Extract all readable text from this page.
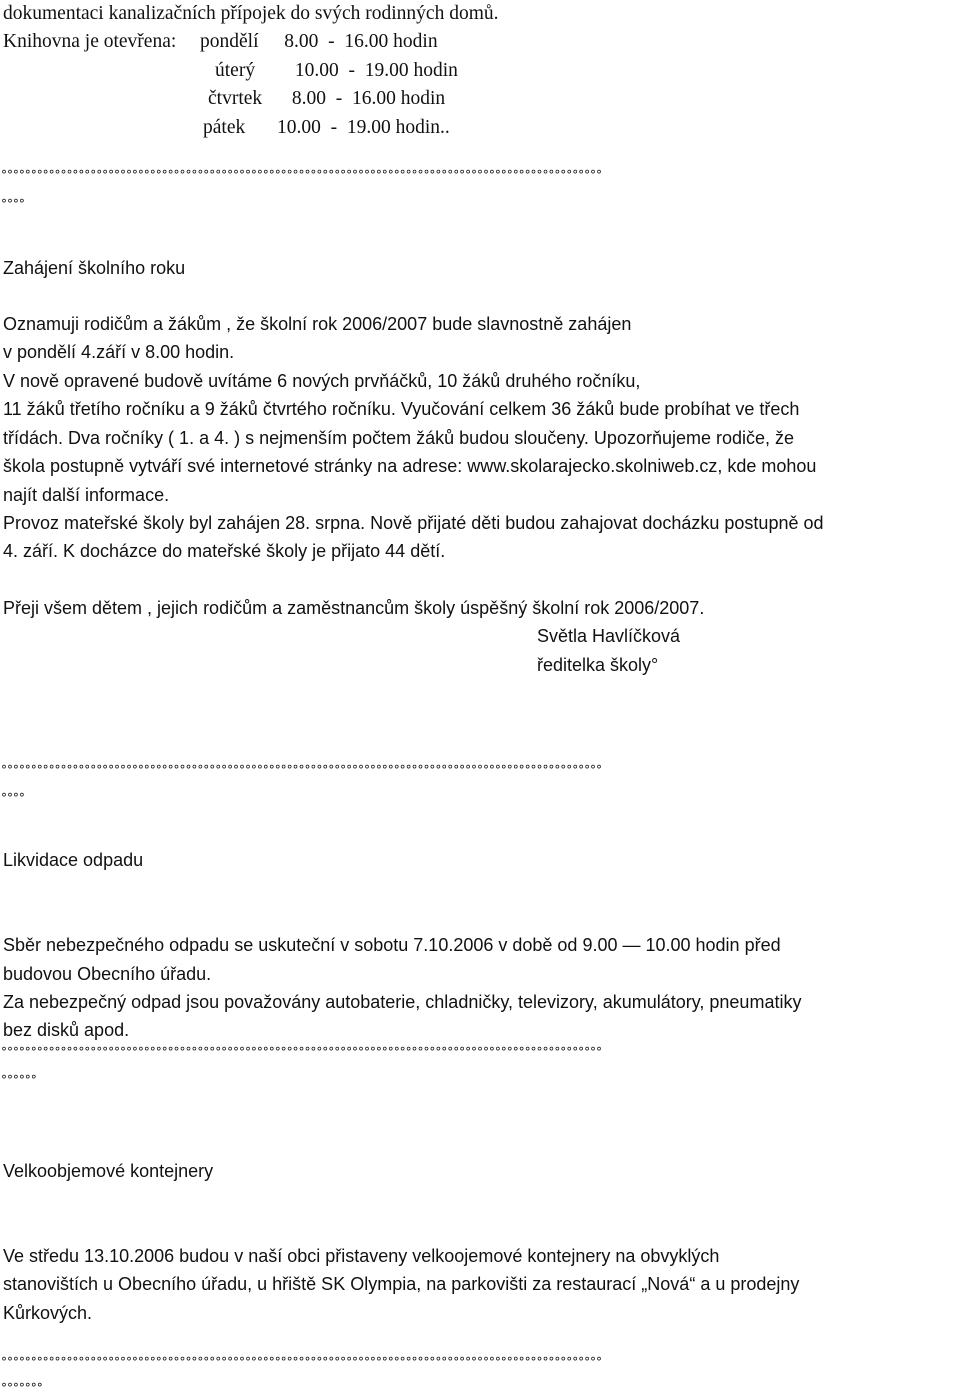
dokumentaci kanalizačních přípojek do svých rodinných domů.
Knihovna je otevřena: pondělí 8.00  -  16.00 hodin
úterý 10.00  -  19.00 hodin
čtvrtek 8.00  -  16.00 hodin
pátek 10.00  -  19.00 hodin..
°°°°°°°°°°°°°°°°°°°°°°°°°°°°°°°°°°°°°°°°°°°°°°°°°°°°°°°°°°°°°°°°°°°°°°°°°°°°°°°°°°°°°°°°°°°°°°°°°°°°°
°°°°
Zahájení školního roku
Oznamuji rodičům a žákům , že školní rok 2006/2007 bude slavnostně zahájen
v pondělí 4.září v 8.00 hodin.
V nově opravené budově uvítáme 6 nových prvňáčků, 10 žáků druhého ročníku,
11 žáků třetího ročníku a 9 žáků čtvrtého ročníku. Vyučování celkem 36 žáků bude probíhat ve třech
třídách. Dva ročníky ( 1. a 4. ) s nejmenším počtem žáků budou sloučeny. Upozorňujeme rodiče, že
škola postupně vytváří své internetové stránky na adrese: www.skolarajecko.skolniweb.cz, kde mohou
najít další informace.
Provoz mateřské školy byl zahájen 28. srpna. Nově přijaté děti budou zahajovat docházku postupně od
4. září. K docházce do mateřské školy je přijato 44 dětí.
Přeji všem dětem , jejich rodičům a zaměstnancům školy úspěšný školní rok 2006/2007.
Světla Havlíčková
ředitelka školy°
°°°°°°°°°°°°°°°°°°°°°°°°°°°°°°°°°°°°°°°°°°°°°°°°°°°°°°°°°°°°°°°°°°°°°°°°°°°°°°°°°°°°°°°°°°°°°°°°°°°°°
°°°°
Likvidace odpadu
Sběr nebezpečného odpadu se uskuteční v sobotu 7.10.2006 v době od 9.00 — 10.00 hodin před
budovou Obecního úřadu.
Za nebezpečný odpad jsou považovány autobaterie, chladničky, televizory, akumulátory, pneumatiky
bez disků apod.
°°°°°°°°°°°°°°°°°°°°°°°°°°°°°°°°°°°°°°°°°°°°°°°°°°°°°°°°°°°°°°°°°°°°°°°°°°°°°°°°°°°°°°°°°°°°°°°°°°°°°
°°°°°°
Velkoobjemové kontejnery
Ve středu 13.10.2006 budou v naší obci přistaveny velkoojemové kontejnery na obvyklých
stanovištích u Obecního úřadu, u hřiště SK Olympia, na parkovišti za restaurací „Nová“ a u prodejny
Kůrkových.
°°°°°°°°°°°°°°°°°°°°°°°°°°°°°°°°°°°°°°°°°°°°°°°°°°°°°°°°°°°°°°°°°°°°°°°°°°°°°°°°°°°°°°°°°°°°°°°°°°°°°
°°°°°°°
